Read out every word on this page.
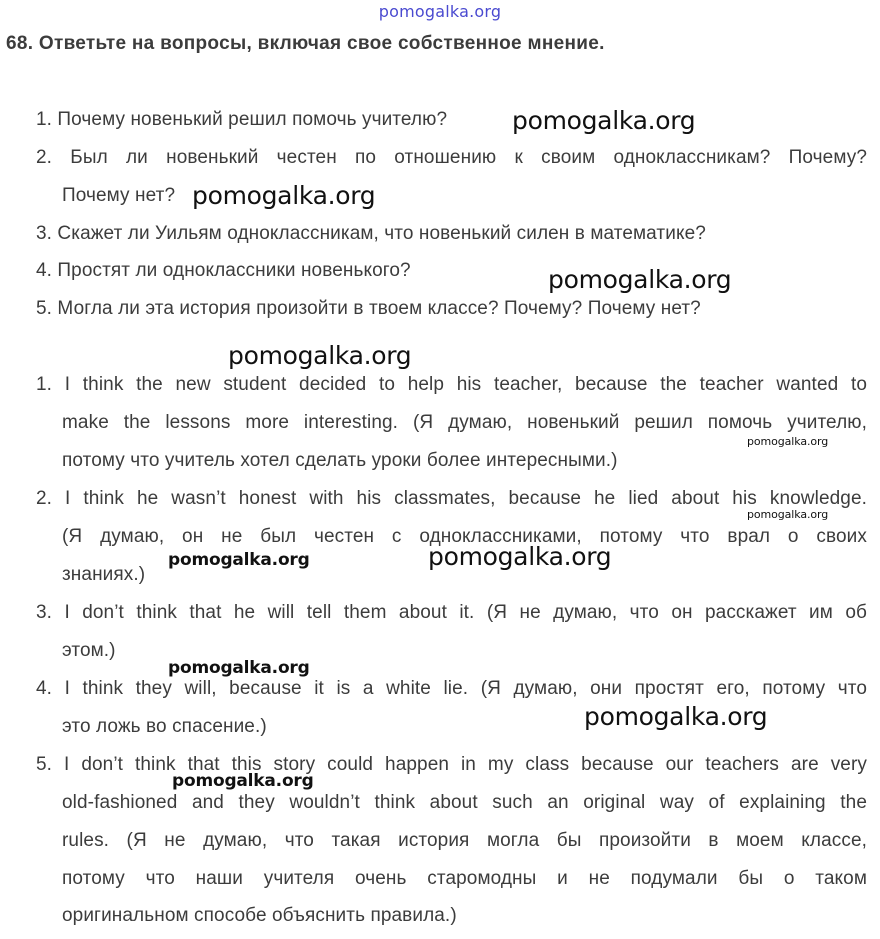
pomogalka.org
68. Ответьте на вопросы, включая свое собственное мнение.
1. Почему новенький решил помочь учителю?
2. Был ли новенький честен по отношению к своим одноклассникам? Почему?
Почему нет?
3. Скажет ли Уильям одноклассникам, что новенький силен в математике?
4. Простят ли одноклассники новенького?
5. Могла ли эта история произойти в твоем классе? Почему? Почему нет?
1. I think the new student decided to help his teacher, because the teacher wanted to
make the lessons more interesting. (Я думаю, новенький решил помочь учителю,
потому что учитель хотел сделать уроки более интересными.)
2. I think he wasn’t honest with his classmates, because he lied about his knowledge.
(Я думаю, он не был честен с одноклассниками, потому что врал о своих
знаниях.)
3. I don’t think that he will tell them about it. (Я не думаю, что он расскажет им об
этом.)
4. I think they will, because it is a white lie. (Я думаю, они простят его, потому что
это ложь во спасение.)
5. I don’t think that this story could happen in my class because our teachers are very
old-fashioned and they wouldn’t think about such an original way of explaining the
rules. (Я не думаю, что такая история могла бы произойти в моем классе,
потому что наши учителя очень старомодны и не подумали бы о таком
оригинальном способе объяснить правила.)
pomogalka.org
pomogalka.org
pomogalka.org
pomogalka.org
pomogalka.org
pomogalka.org
pomogalka.org
pomogalka.org
pomogalka.org
pomogalka.org
pomogalka.org
